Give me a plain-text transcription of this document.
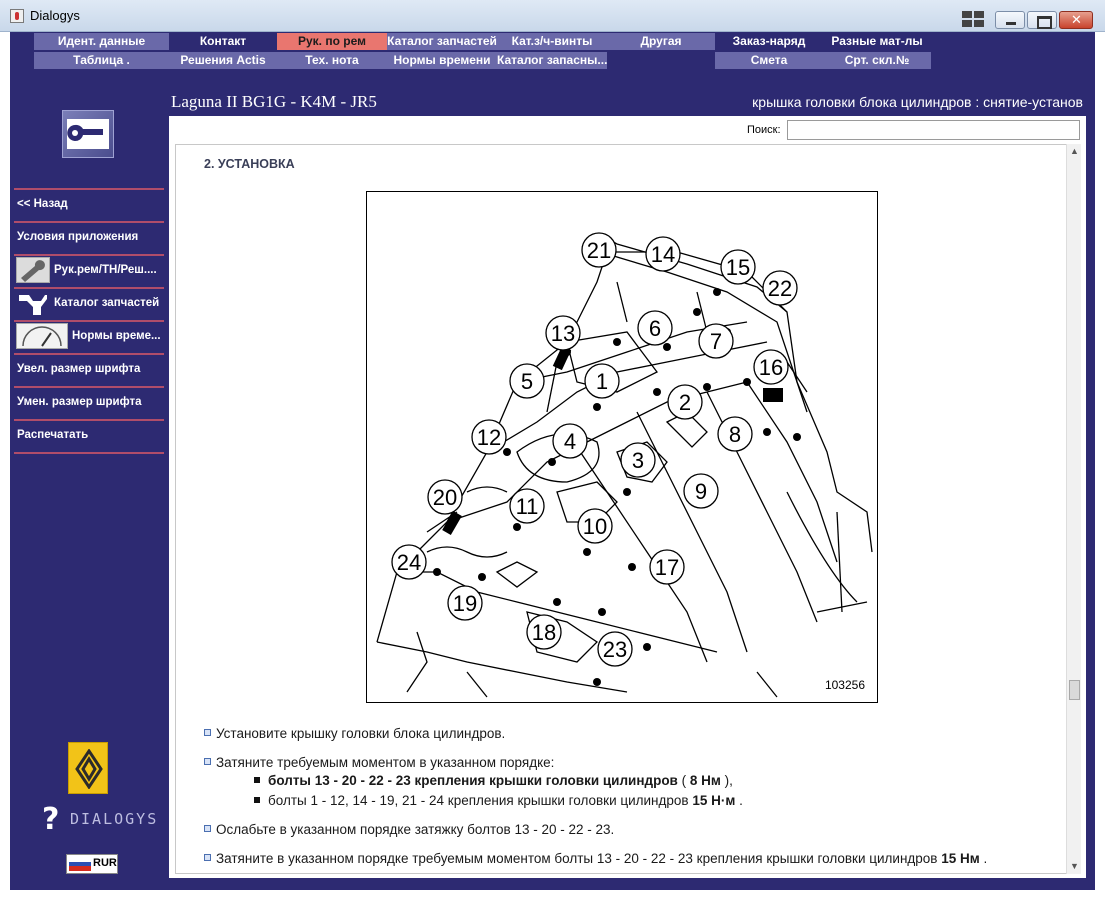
Dialogys
✕
Идент. данные	Контакт	Рук. по рем	Каталог запчастей	Кат.з/ч-винты	Другая	Заказ-наряд	Разные мат-лы
Таблица .	Решения Actis	Тех. нота	Нормы времени Каталог запасны...	Смета	Срт. скл.№
<< Назад
Условия приложения
Рук.рем/ТН/Реш....
Каталог запчастей
Нормы време...
Увел. размер шрифта
Умен. размер шрифта
Распечатать
? DIALOGYS
RUR
Laguna II BG1G - K4M - JR5	крышка головки блока цилиндров : снятие-установ
Поиск:
2. УСТАНОВКА
21 14
15
22
13	6
7
16
5	1
2
12	4	8
3
9
20	11
10
24	17
19
18
23
103256
Установите крышку головки блока цилиндров.
Затяните требуемым моментом в указанном порядке:
болты 13 - 20 - 22 - 23 крепления крышки головки цилиндров ( 8 Нм ),
болты 1 - 12, 14 - 19, 21 - 24 крепления крышки головки цилиндров 15 Н·м .
Ослабьте в указанном порядке затяжку болтов 13 - 20 - 22 - 23.
Затяните в указанном порядке требуемым моментом болты 13 - 20 - 22 - 23 крепления крышки головки цилиндров 15 Нм .
▲
▼
